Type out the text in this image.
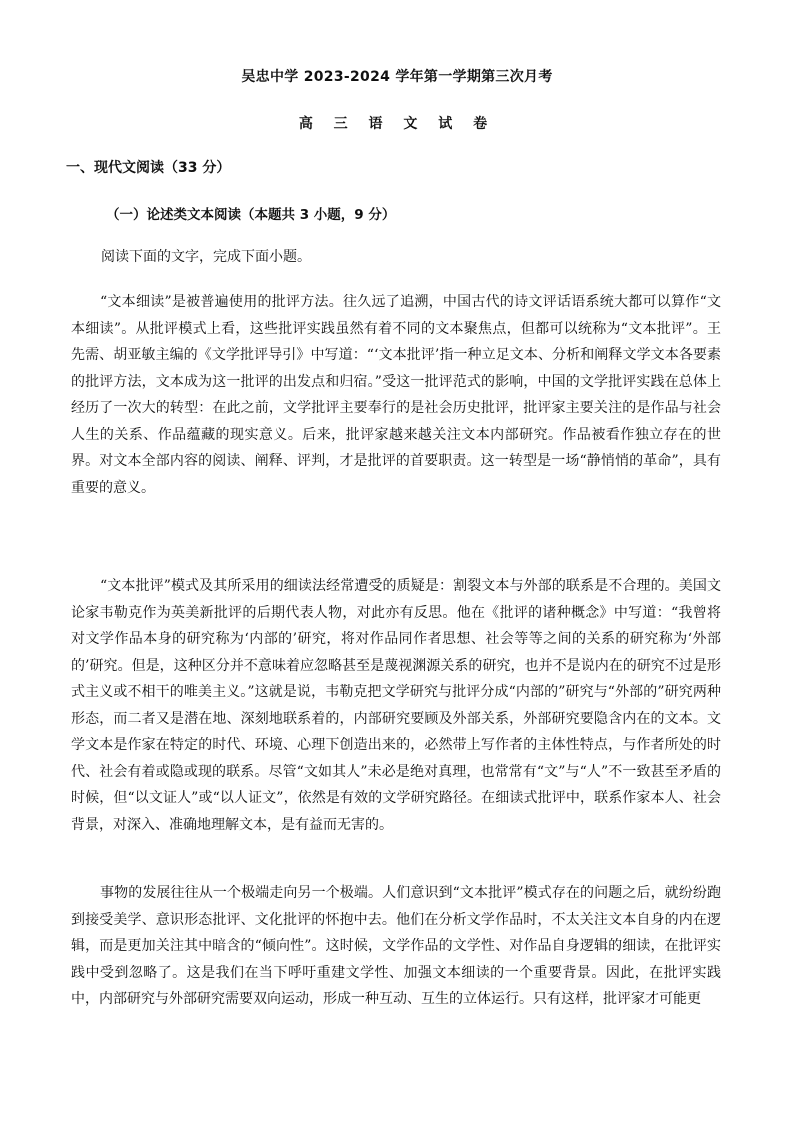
吴忠中学 2023-2024 学年第一学期第三次月考
高 三 语 文 试 卷
一、现代文阅读（33 分）
（一）论述类文本阅读（本题共 3 小题，9 分）
阅读下面的文字，完成下面小题。

“文本细读”是被普遍使用的批评方法。往久远了追溯，中国古代的诗文评话语系统大都可以算作“文本细读”。从批评模式上看，这些批评实践虽然有着不同的文本聚焦点，但都可以统称为“文本批评”。王先需、胡亚敏主编的《文学批评导引》中写道：“‘文本批评’指一种立足文本、分析和阐释文学文本各要素的批评方法，文本成为这一批评的出发点和归宿。”受这一批评范式的影响，中国的文学批评实践在总体上经历了一次大的转型：在此之前，文学批评主要奉行的是社会历史批评，批评家主要关注的是作品与社会人生的关系、作品蕴藏的现实意义。后来，批评家越来越关注文本内部研究。作品被看作独立存在的世界。对文本全部内容的阅读、阐释、评判，才是批评的首要职责。这一转型是一场“静悄悄的革命”，具有重要的意义。

“文本批评”模式及其所采用的细读法经常遭受的质疑是：割裂文本与外部的联系是不合理的。美国文论家韦勒克作为英美新批评的后期代表人物，对此亦有反思。他在《批评的诸种概念》中写道：“我曾将对文学作品本身的研究称为‘内部的’研究，将对作品同作者思想、社会等等之间的关系的研究称为‘外部的’研究。但是，这种区分并不意味着应忽略甚至是蔑视渊源关系的研究，也并不是说内在的研究不过是形式主义或不相干的唯美主义。”这就是说，韦勒克把文学研究与批评分成“内部的”研究与“外部的”研究两种形态，而二者又是潜在地、深刻地联系着的，内部研究要顾及外部关系，外部研究要隐含内在的文本。文学文本是作家在特定的时代、环境、心理下创造出来的，必然带上写作者的主体性特点，与作者所处的时代、社会有着或隐或现的联系。尽管“文如其人”未必是绝对真理，也常常有“文”与“人”不一致甚至矛盾的时候，但“以文证人”或“以人证文”，依然是有效的文学研究路径。在细读式批评中，联系作家本人、社会背景，对深入、准确地理解文本，是有益而无害的。

事物的发展往往从一个极端走向另一个极端。人们意识到“文本批评”模式存在的问题之后，就纷纷跑到接受美学、意识形态批评、文化批评的怀抱中去。他们在分析文学作品时，不太关注文本自身的内在逻辑，而是更加关注其中暗含的“倾向性”。这时候，文学作品的文学性、对作品自身逻辑的细读，在批评实践中受到忽略了。这是我们在当下呼吁重建文学性、加强文本细读的一个重要背景。因此，在批评实践中，内部研究与外部研究需要双向运动，形成一种互动、互生的立体运行。只有这样，批评家才可能更
